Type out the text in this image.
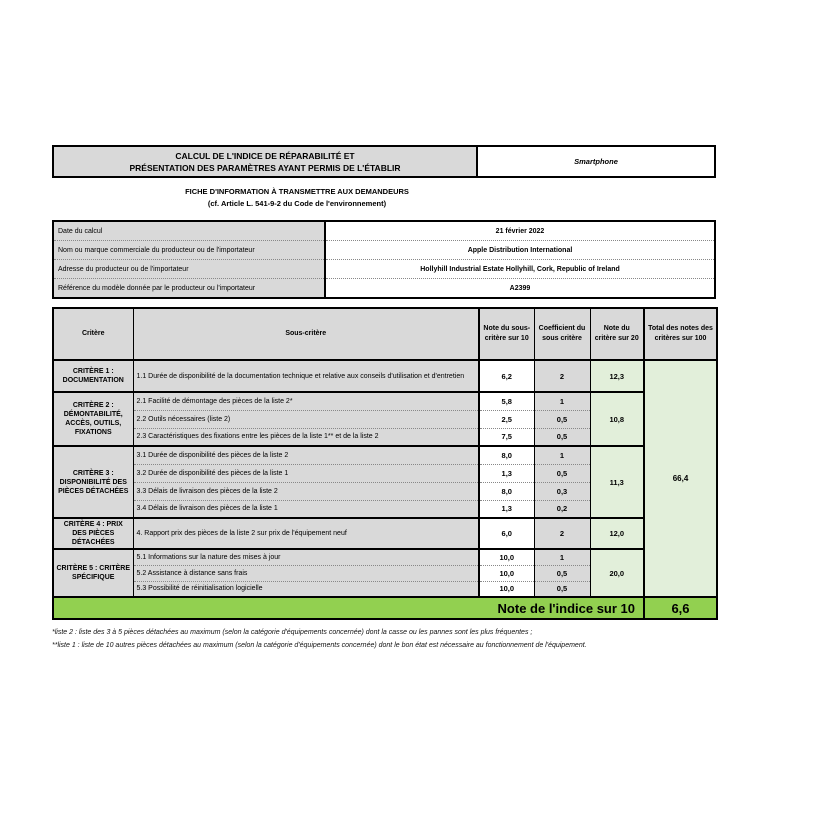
CALCUL DE L'INDICE DE RÉPARABILITÉ ET
PRÉSENTATION DES PARAMÈTRES AYANT PERMIS DE L'ÉTABLIR
Smartphone
FICHE D'INFORMATION À TRANSMETTRE AUX DEMANDEURS
(cf. Article L. 541-9-2 du Code de l'environnement)
Date du calcul	21 février 2022
Nom ou marque commerciale du producteur ou de l'importateur	Apple Distribution International
Adresse du producteur ou de l'importateur	Hollyhill Industrial Estate Hollyhill, Cork, Republic of Ireland
Référence du modèle donnée par le producteur ou l'importateur	A2399
Critère	Sous-critère	Note du sous-critère sur 10	Coefficient du sous critère	Note du critère sur 20	Total des notes des critères sur 100
CRITÈRE 1 : DOCUMENTATION	1.1 Durée de disponibilité de la documentation technique et relative aux conseils d'utilisation et d'entretien	6,2	2	12,3	66,4
CRITÈRE 2 : DÉMONTABILITÉ, ACCÈS, OUTILS, FIXATIONS	2.1 Facilité de démontage des pièces de la liste 2*	5,8	1	10,8	
	2.2 Outils nécessaires (liste 2)	2,5	0,5		
	2.3 Caractéristiques des fixations entre les pièces de la liste 1** et de la liste 2	7,5	0,5		
CRITÈRE 3 : DISPONIBILITÉ DES PIÈCES DÉTACHÉES	3.1 Durée de disponibilité des pièces de la liste 2	8,0	1	11,3	
	3.2 Durée de disponibilité des pièces de la liste 1	1,3	0,5		
	3.3 Délais de livraison des pièces de la liste 2	8,0	0,3		
	3.4 Délais de livraison des pièces de la liste 1	1,3	0,2		
CRITÈRE 4 : PRIX DES PIÈCES DÉTACHÉES	4. Rapport prix des pièces de la liste 2 sur prix de l'équipement neuf	6,0	2	12,0	
CRITÈRE 5 : CRITÈRE SPÉCIFIQUE	5.1 Informations sur la nature des mises à jour	10,0	1	20,0	
	5.2 Assistance à distance sans frais	10,0	0,5		
	5.3 Possibilité de réinitialisation logicielle	10,0	0,5		
Note de l'indice sur 10					6,6
*liste 2 : liste des 3 à 5 pièces détachées au maximum (selon la catégorie d'équipements concernée) dont la casse ou les pannes sont les plus fréquentes ;
**liste 1 : liste de 10 autres pièces détachées au maximum (selon la catégorie d'équipements concernée) dont le bon état est nécessaire au fonctionnement de l'équipement.
